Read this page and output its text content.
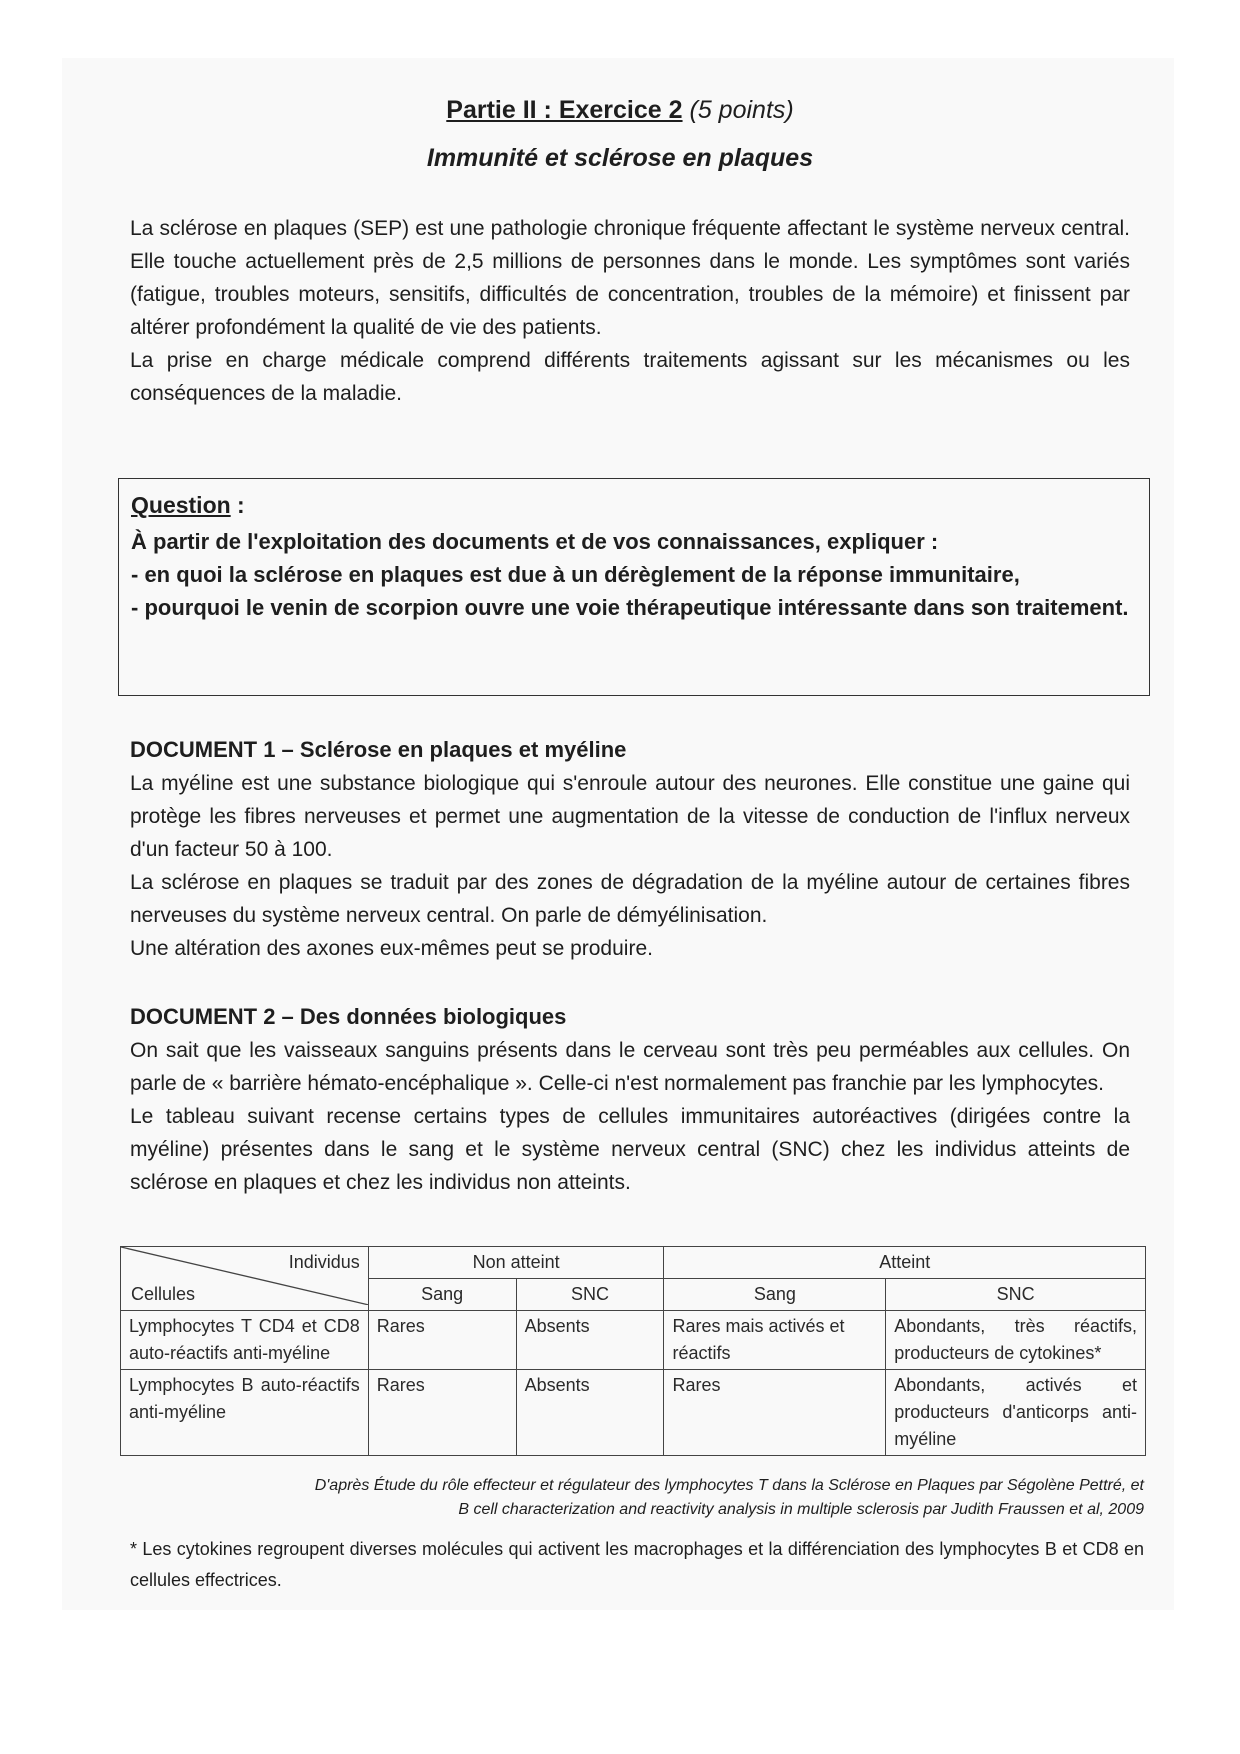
Partie II : Exercice 2 (5 points)
Immunité et sclérose en plaques

La sclérose en plaques (SEP) est une pathologie chronique fréquente affectant le système nerveux central. Elle touche actuellement près de 2,5 millions de personnes dans le monde. Les symptômes sont variés (fatigue, troubles moteurs, sensitifs, difficultés de concentration, troubles de la mémoire) et finissent par altérer profondément la qualité de vie des patients.

La prise en charge médicale comprend différents traitements agissant sur les mécanismes ou les conséquences de la maladie.

Question :

À partir de l'exploitation des documents et de vos connaissances, expliquer :

- en quoi la sclérose en plaques est due à un dérèglement de la réponse immunitaire,

- pourquoi le venin de scorpion ouvre une voie thérapeutique intéressante dans son traitement.

DOCUMENT 1 – Sclérose en plaques et myéline

La myéline est une substance biologique qui s'enroule autour des neurones. Elle constitue une gaine qui protège les fibres nerveuses et permet une augmentation de la vitesse de conduction de l'influx nerveux d'un facteur 50 à 100.

La sclérose en plaques se traduit par des zones de dégradation de la myéline autour de certaines fibres nerveuses du système nerveux central. On parle de démyélinisation.

Une altération des axones eux-mêmes peut se produire.

DOCUMENT 2 – Des données biologiques

On sait que les vaisseaux sanguins présents dans le cerveau sont très peu perméables aux cellules. On parle de « barrière hémato-encéphalique ». Celle-ci n'est normalement pas franchie par les lymphocytes.

Le tableau suivant recense certains types de cellules immunitaires autoréactives (dirigées contre la myéline) présentes dans le sang et le système nerveux central (SNC) chez les individus atteints de sclérose en plaques et chez les individus non atteints.

Individus
Cellules	Non atteint		Atteint	
	Sang	SNC	Sang	SNC
Lymphocytes T CD4 et CD8 auto-réactifs anti-myéline	Rares	Absents	Rares mais activés et réactifs	Abondants, très réactifs, producteurs de cytokines*
Lymphocytes B auto-réactifs anti-myéline	Rares	Absents	Rares	Abondants, activés et producteurs d'anticorps anti-myéline
D'après Étude du rôle effecteur et régulateur des lymphocytes T dans la Sclérose en Plaques par Ségolène Pettré, et
B cell characterization and reactivity analysis in multiple sclerosis par Judith Fraussen et al, 2009
* Les cytokines regroupent diverses molécules qui activent les macrophages et la différenciation des lymphocytes B et CD8 en cellules effectrices.
